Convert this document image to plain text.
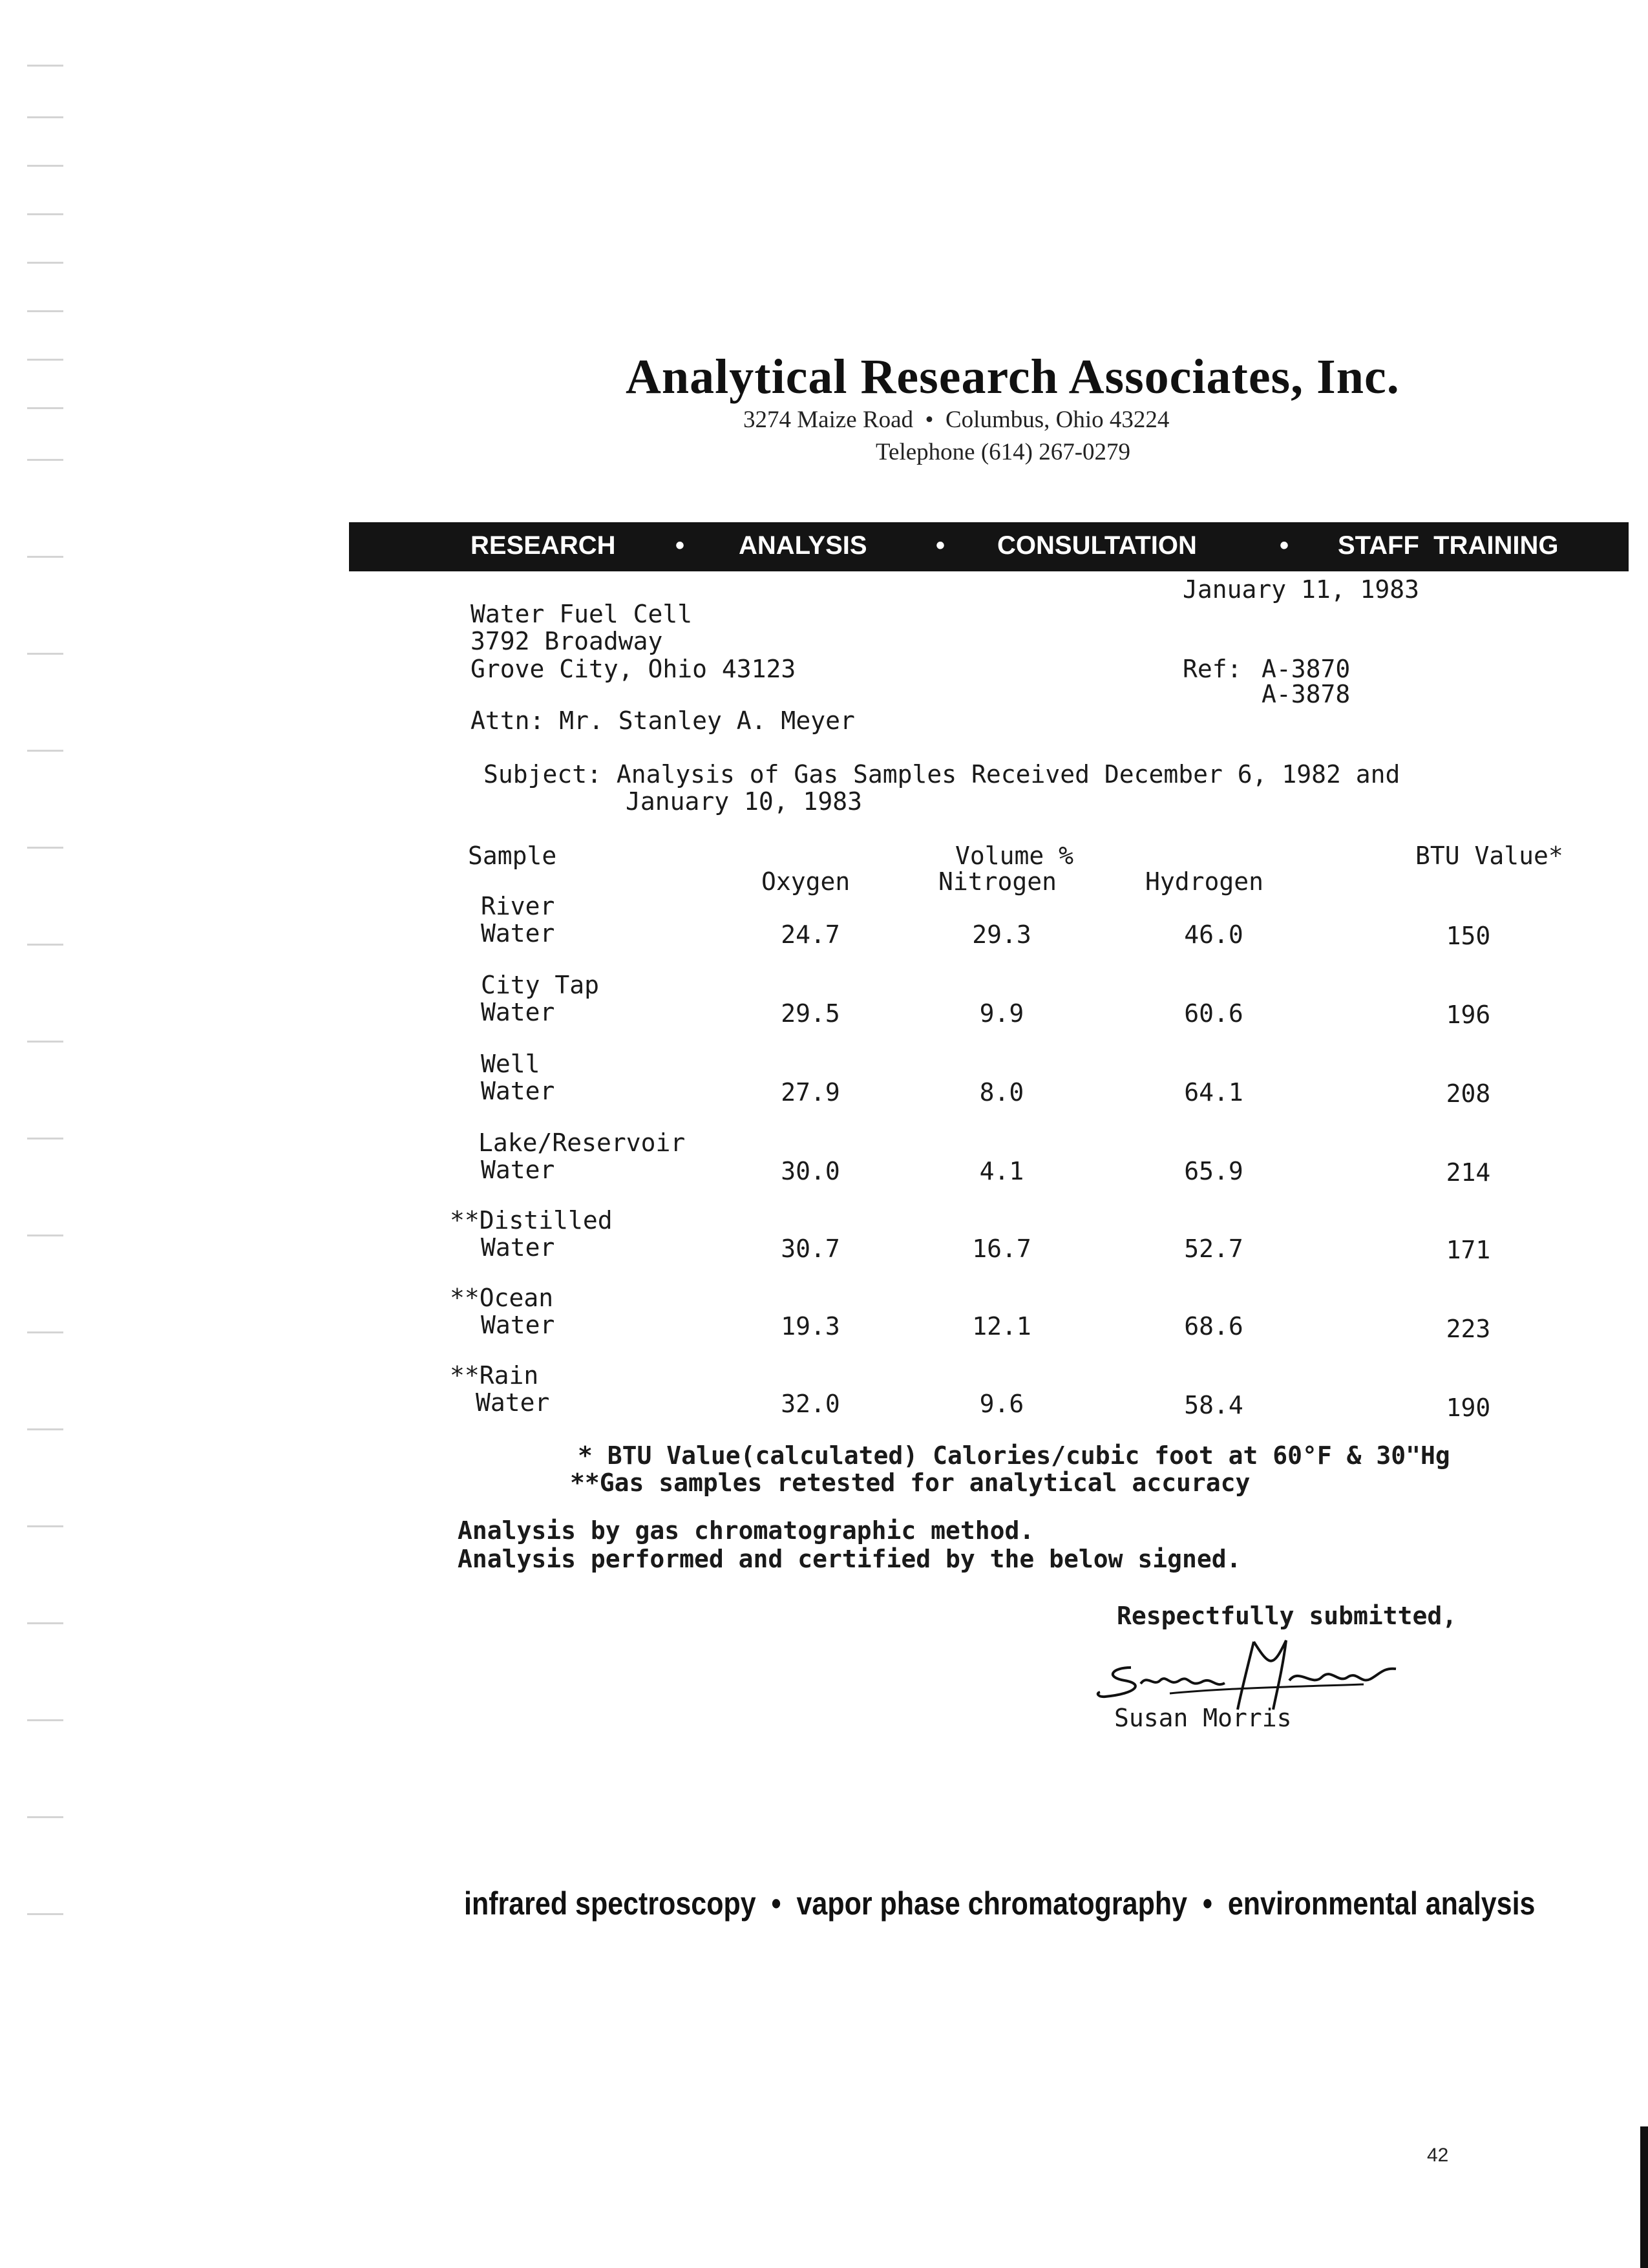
Analytical Research Associates, Inc.
3274 Maize Road  •  Columbus, Ohio 43224
Telephone (614) 267-0279
RESEARCH • ANALYSIS	• CONSULTATION	• STAFF  TRAINING
January 11, 1983
Water Fuel Cell
3792 Broadway
Grove City, Ohio 43123	Ref: A-3870
A-3878
Attn: Mr. Stanley A. Meyer
Subject: Analysis of Gas Samples Received December 6, 1982 and
January 10, 1983
Sample	Volume %	BTU Value*
Oxygen	Nitrogen	Hydrogen
River
Water	24.7	29.3	46.0	150
City Tap
Water	29.5	9.9	60.6	196
Well
Water	27.9	8.0	64.1	208
Lake/Reservoir
Water	30.0	4.1	65.9	214
**Distilled
Water	30.7	16.7	52.7	171
**Ocean
Water	19.3	12.1	68.6	223
**Rain
Water	32.0	9.6	58.4	190
* BTU Value(calculated) Calories/cubic foot at 60°F & 30"Hg
**Gas samples retested for analytical accuracy
Analysis by gas chromatographic method.
Analysis performed and certified by the below signed.
Respectfully submitted,
Susan Morris
infrared spectroscopy  •  vapor phase chromatography  •  environmental analysis
42
